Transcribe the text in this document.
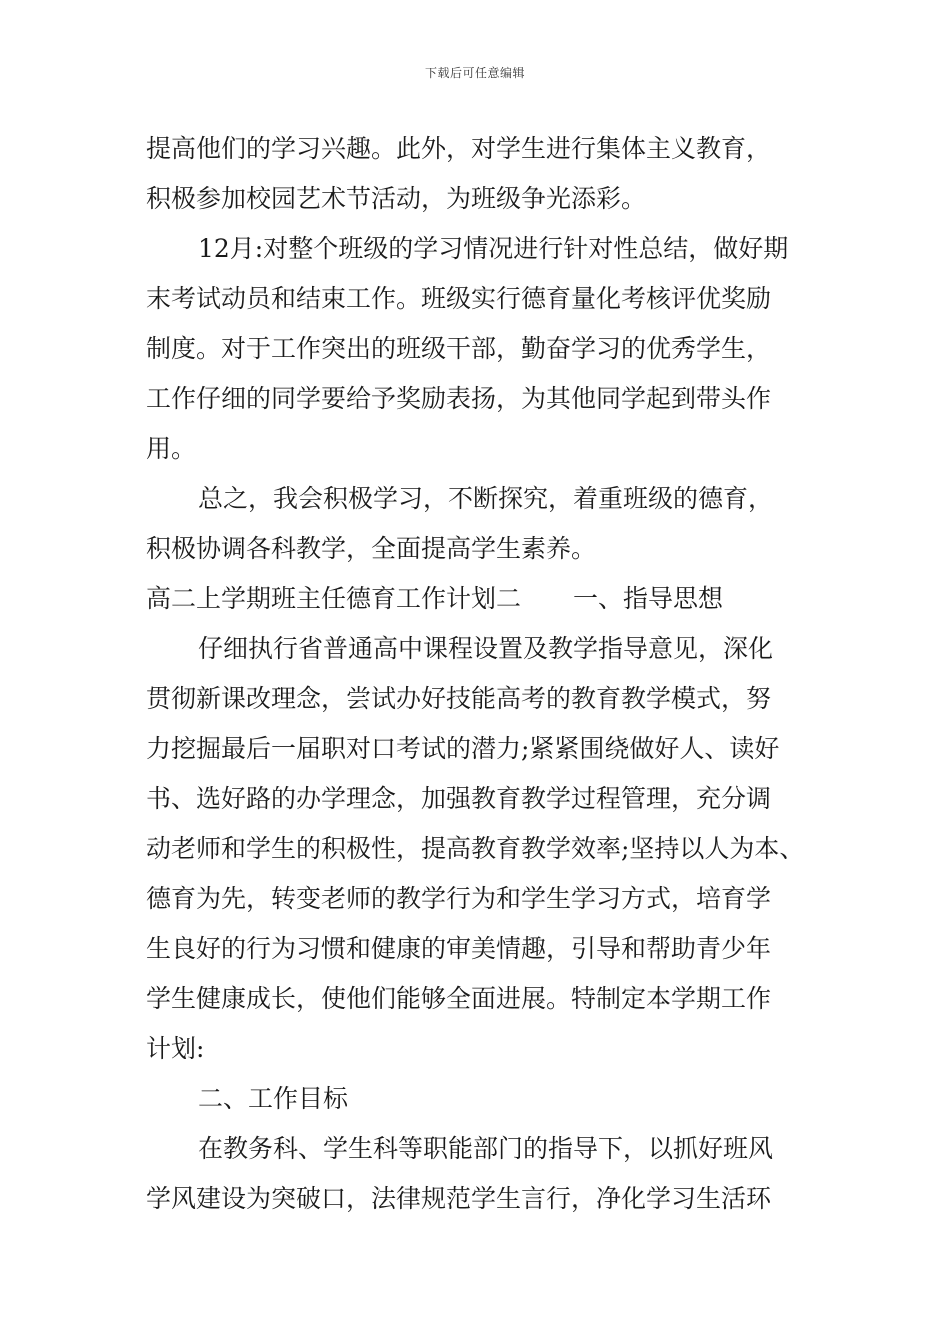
下载后可任意编辑
提高他们的学习兴趣。此外，对学生进行集体主义教育，
积极参加校园艺术节活动，为班级争光添彩。
12月:对整个班级的学习情况进行针对性总结，做好期
末考试动员和结束工作。班级实行德育量化考核评优奖励
制度。对于工作突出的班级干部，勤奋学习的优秀学生，
工作仔细的同学要给予奖励表扬，为其他同学起到带头作
用。
总之，我会积极学习，不断探究，着重班级的德育，
积极协调各科教学，全面提高学生素养。
高二上学期班主任德育工作计划二 一、指导思想
仔细执行省普通高中课程设置及教学指导意见，深化
贯彻新课改理念，尝试办好技能高考的教育教学模式，努
力挖掘最后一届职对口考试的潜力;紧紧围绕做好人、读好
书、选好路的办学理念，加强教育教学过程管理，充分调
动老师和学生的积极性，提高教育教学效率;坚持以人为本、
德育为先，转变老师的教学行为和学生学习方式，培育学
生良好的行为习惯和健康的审美情趣，引导和帮助青少年
学生健康成长，使他们能够全面进展。特制定本学期工作
计划:
二、工作目标
在教务科、学生科等职能部门的指导下，以抓好班风
学风建设为突破口，法律规范学生言行，净化学习生活环
